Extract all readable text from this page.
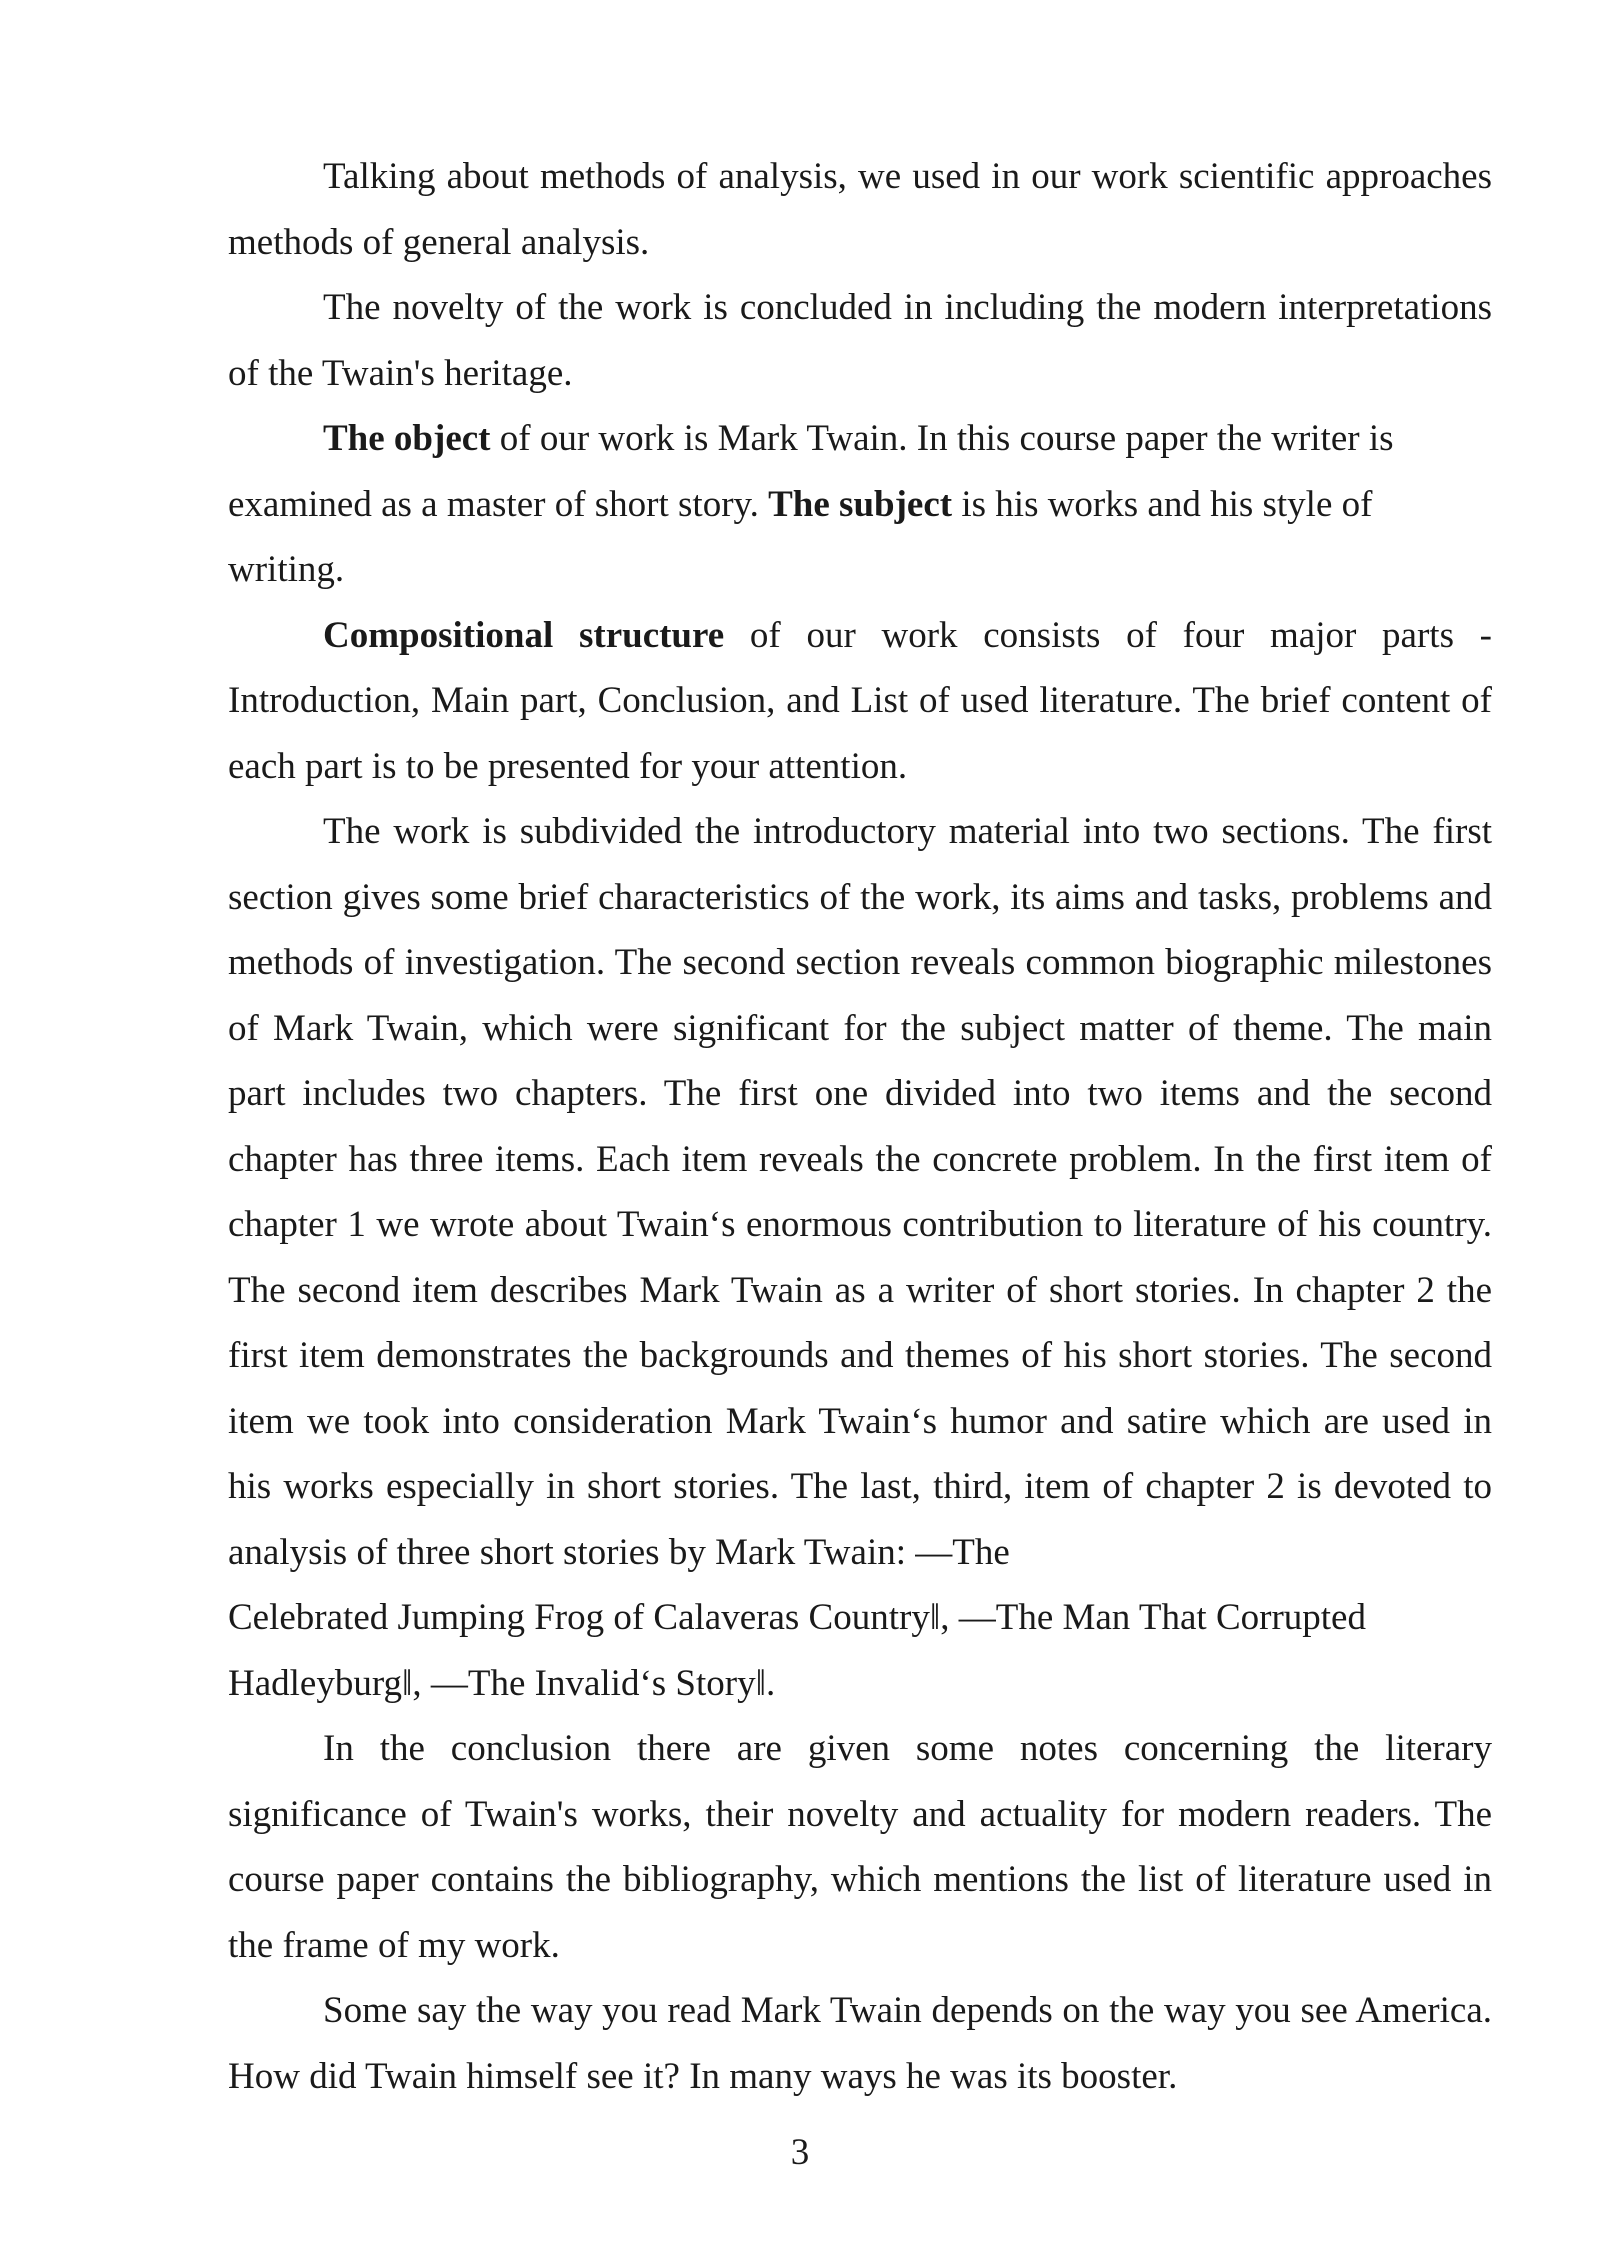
Talking about methods of analysis, we used in our work scientific approaches methods of general analysis.

The novelty of the work is concluded in including the modern interpretations of the Twain's heritage.

The object of our work is Mark Twain. In this course paper the writer is examined as a master of short story. The subject is his works and his style of writing.

Compositional structure of our work consists of four major parts - Introduction, Main part, Conclusion, and List of used literature. The brief content of each part is to be presented for your attention.

The work is subdivided the introductory material into two sections. The first section gives some brief characteristics of the work, its aims and tasks, problems and methods of investigation. The second section reveals common biographic milestones of Mark Twain, which were significant for the subject matter of theme. The main part includes two chapters. The first one divided into two items and the second chapter has three items. Each item reveals the concrete problem. In the first item of chapter 1 we wrote about Twain‘s enormous contribution to literature of his country. The second item describes Mark Twain as a writer of short stories. In chapter 2 the first item demonstrates the backgrounds and themes of his short stories. The second item we took into consideration Mark Twain‘s humor and satire which are used in his works especially in short stories. The last, third, item of chapter 2 is devoted to analysis of three short stories by Mark Twain: ―The

Celebrated Jumping Frog of Calaveras Country‖, ―The Man That Corrupted
Hadleyburg‖, ―The Invalid‘s Story‖.

In the conclusion there are given some notes concerning the literary significance of Twain's works, their novelty and actuality for modern readers. The course paper contains the bibliography, which mentions the list of literature used in the frame of my work.

Some say the way you read Mark Twain depends on the way you see America. How did Twain himself see it? In many ways he was its booster.

3
